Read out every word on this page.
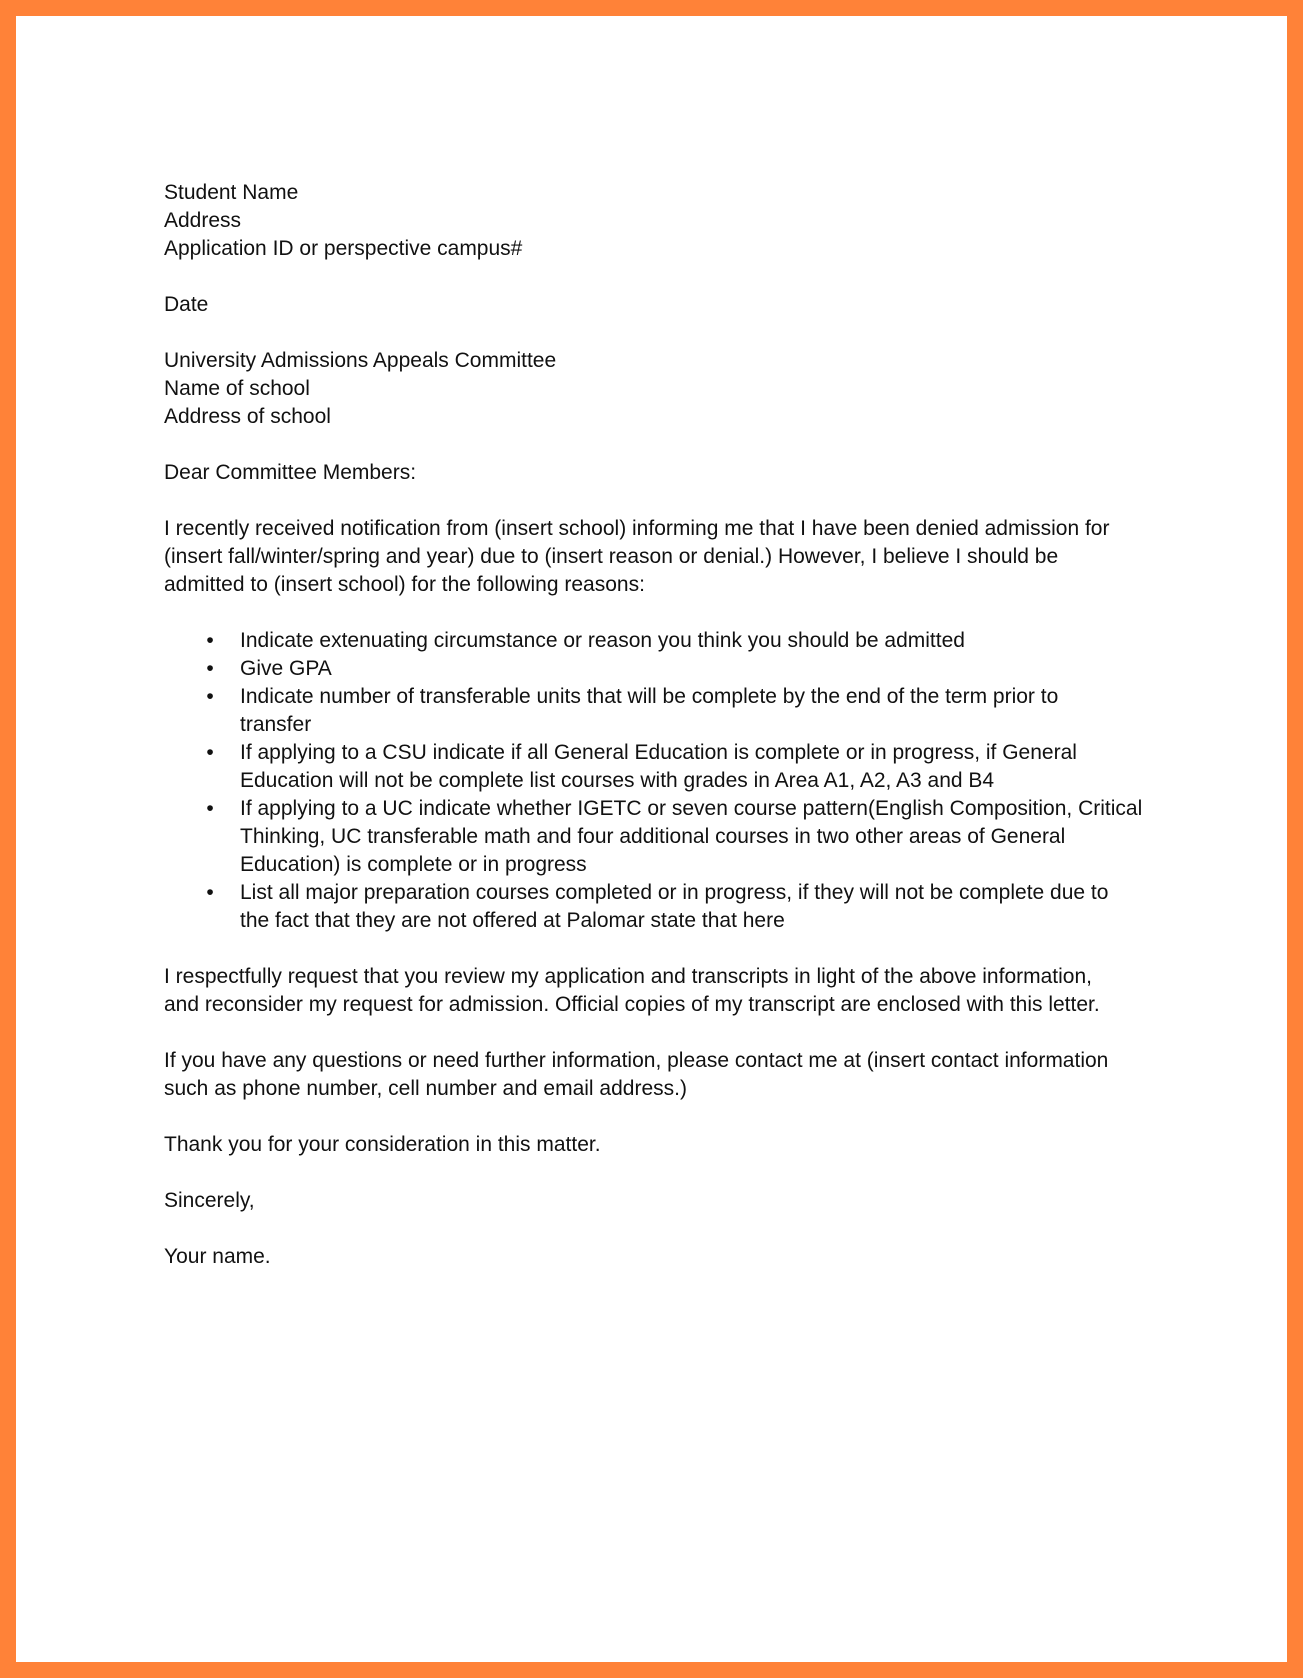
Student Name
Address
Application ID or perspective campus#
Date
University Admissions Appeals Committee
Name of school
Address of school
Dear Committee Members:

I recently received notification from (insert school) informing me that I have been denied admission for
(insert fall/winter/spring and year) due to (insert reason or denial.) However, I believe I should be
admitted to (insert school) for the following reasons:

•	Indicate extenuating circumstance or reason you think you should be admitted
•	Give GPA
•	Indicate number of transferable units that will be complete by the end of the term prior to
transfer
•	If applying to a CSU indicate if all General Education is complete or in progress, if General
Education will not be complete list courses with grades in Area A1, A2, A3 and B4
•	If applying to a UC indicate whether IGETC or seven course pattern(English Composition, Critical
Thinking, UC transferable math and four additional courses in two other areas of General
Education) is complete or in progress
•	List all major preparation courses completed or in progress, if they will not be complete due to
the fact that they are not offered at Palomar state that here

I respectfully request that you review my application and transcripts in light of the above information,
and reconsider my request for admission. Official copies of my transcript are enclosed with this letter.

If you have any questions or need further information, please contact me at (insert contact information
such as phone number, cell number and email address.)

Thank you for your consideration in this matter.
Sincerely,
Your name.
